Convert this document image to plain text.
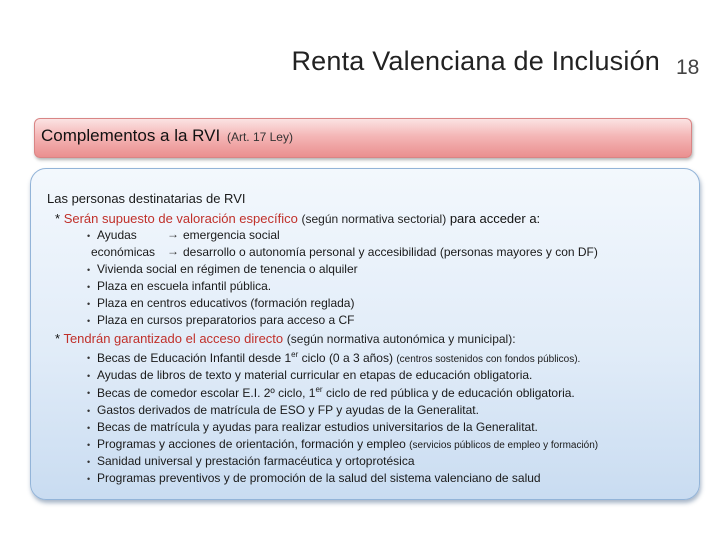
Renta Valenciana de Inclusión 18
Complementos a la RVI (Art. 17 Ley)
Las personas destinatarias de RVI
* Serán supuesto de valoración específico (según normativa sectorial) para acceder a:
• Ayudas	→ emergencia social
económicas → desarrollo o autonomía personal y accesibilidad (personas mayores y con DF)
• Vivienda social en régimen de tenencia o alquiler
• Plaza en escuela infantil pública.
• Plaza en centros educativos (formación reglada)
• Plaza en cursos preparatorios para acceso a CF
* Tendrán garantizado el acceso directo (según normativa autonómica y municipal):
• Becas de Educación Infantil desde 1er ciclo (0 a 3 años) (centros sostenidos con fondos públicos).
• Ayudas de libros de texto y material curricular en etapas de educación obligatoria.
• Becas de comedor escolar E.I. 2º ciclo, 1er ciclo de red pública y de educación obligatoria.
• Gastos derivados de matrícula de ESO y FP y ayudas de la Generalitat.
• Becas de matrícula y ayudas para realizar estudios universitarios de la Generalitat.
• Programas y acciones de orientación, formación y empleo (servicios públicos de empleo y formación)
• Sanidad universal y prestación farmacéutica y ortoprotésica
• Programas preventivos y de promoción de la salud del sistema valenciano de salud
